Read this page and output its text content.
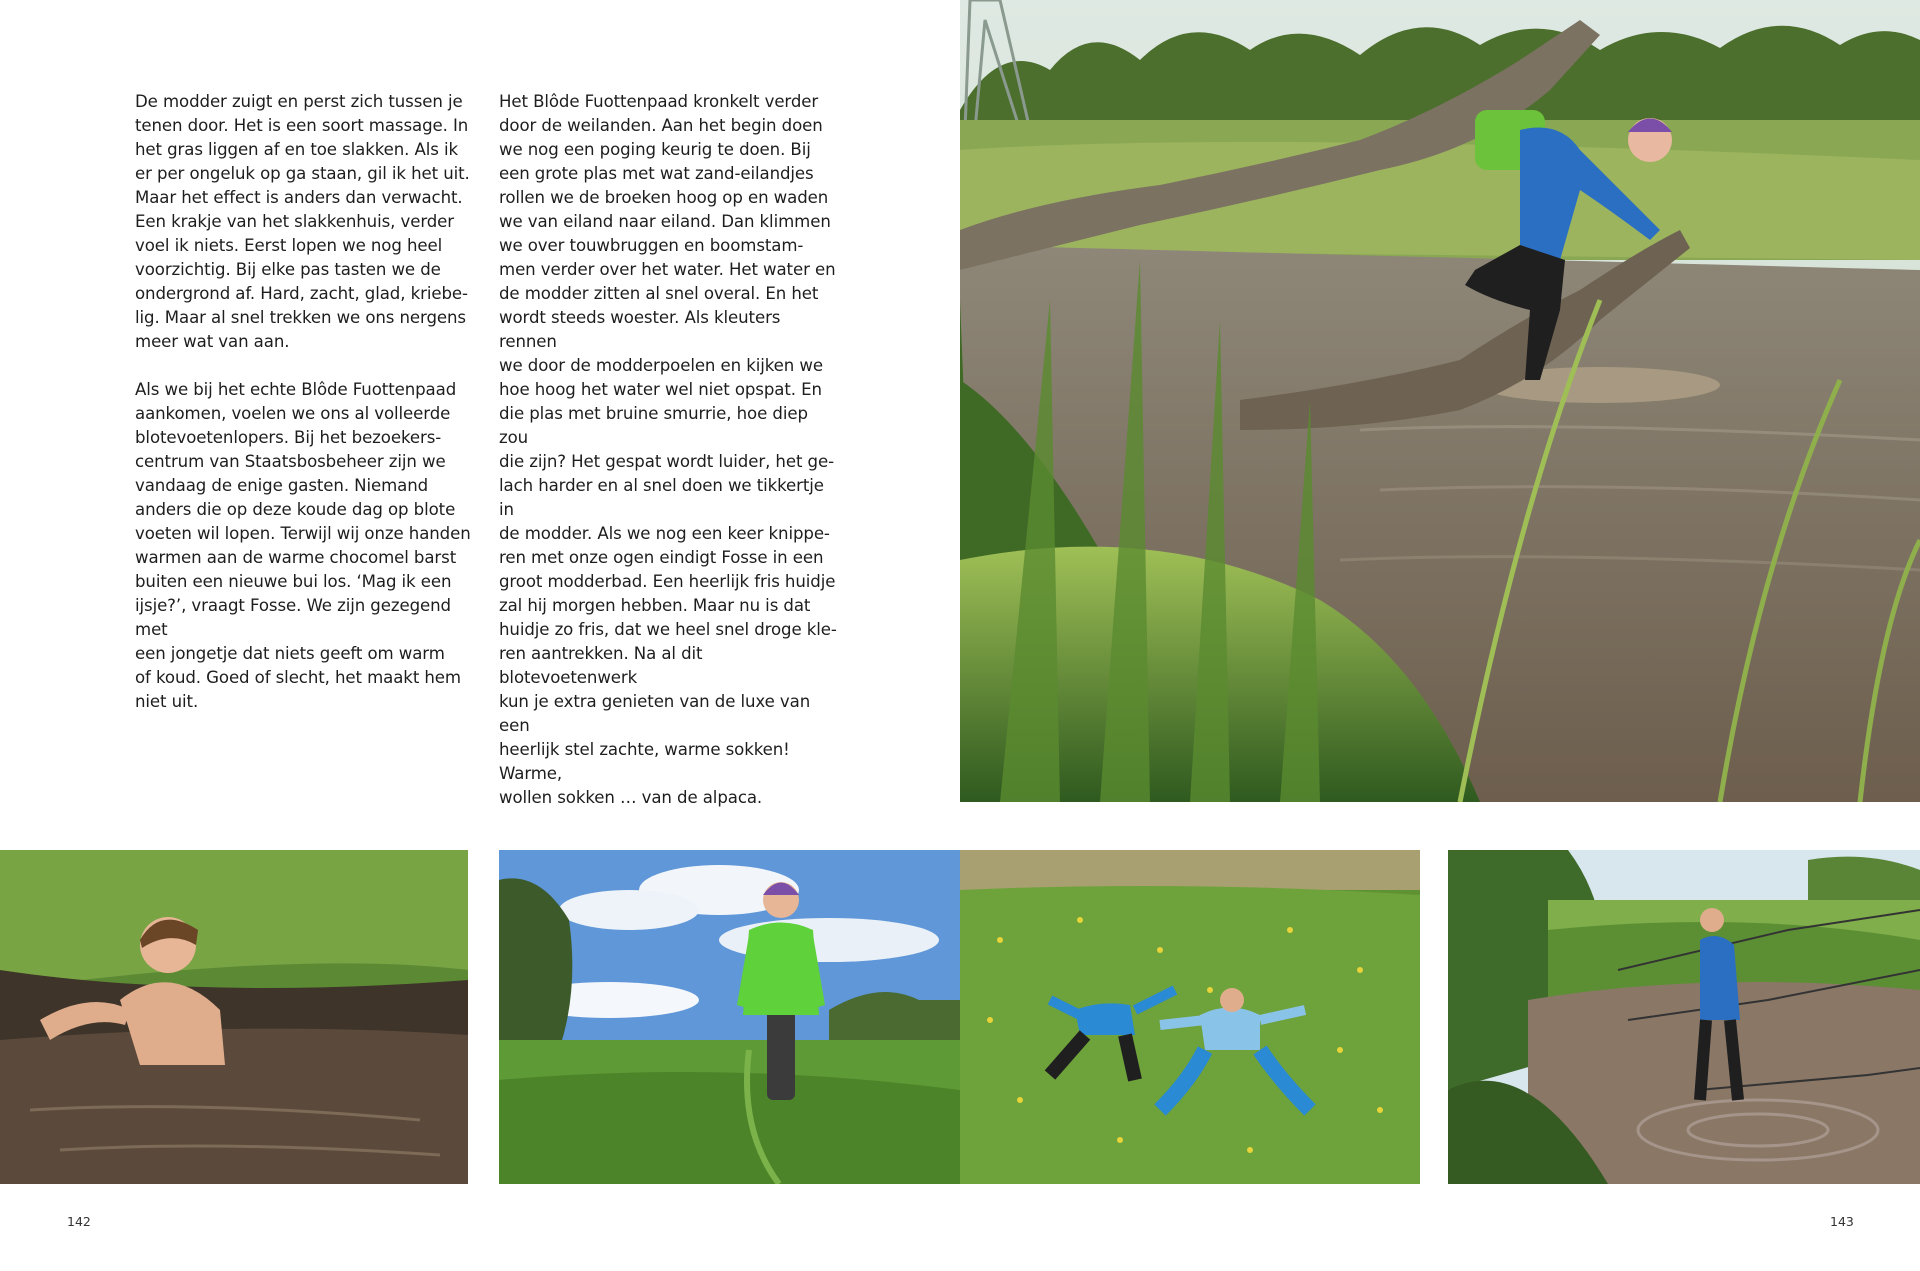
De modder zuigt en perst zich tussen je
tenen door. Het is een soort massage. In
het gras liggen af en toe slakken. Als ik
er per ongeluk op ga staan, gil ik het uit.
Maar het effect is anders dan verwacht.
Een krakje van het slakkenhuis, verder
voel ik niets. Eerst lopen we nog heel
voorzichtig. Bij elke pas tasten we de
ondergrond af. Hard, zacht, glad, kriebe-
lig. Maar al snel trekken we ons nergens
meer wat van aan.

Als we bij het echte Blôde Fuottenpaad
aankomen, voelen we ons al volleerde
blotevoetenlopers. Bij het bezoekers-
centrum van Staatsbosbeheer zijn we
vandaag de enige gasten. Niemand
anders die op deze koude dag op blote
voeten wil lopen. Terwijl wij onze handen
warmen aan de warme chocomel barst
buiten een nieuwe bui los. ‘Mag ik een
ijsje?’, vraagt Fosse. We zijn gezegend met
een jongetje dat niets geeft om warm
of koud. Goed of slecht, het maakt hem
niet uit.

Het Blôde Fuottenpaad kronkelt verder
door de weilanden. Aan het begin doen
we nog een poging keurig te doen. Bij
een grote plas met wat zand-eilandjes
rollen we de broeken hoog op en waden
we van eiland naar eiland. Dan klimmen
we over touwbruggen en boomstam-
men verder over het water. Het water en
de modder zitten al snel overal. En het
wordt steeds woester. Als kleuters rennen
we door de modderpoelen en kijken we
hoe hoog het water wel niet opspat. En
die plas met bruine smurrie, hoe diep zou
die zijn? Het gespat wordt luider, het ge-
lach harder en al snel doen we tikkertje in
de modder. Als we nog een keer knippe-
ren met onze ogen eindigt Fosse in een
groot modderbad. Een heerlijk fris huidje
zal hij morgen hebben. Maar nu is dat
huidje zo fris, dat we heel snel droge kle-
ren aantrekken. Na al dit blotevoetenwerk
kun je extra genieten van de luxe van een
heerlijk stel zachte, warme sokken! Warme,
wollen sokken … van de alpaca.

142	143
